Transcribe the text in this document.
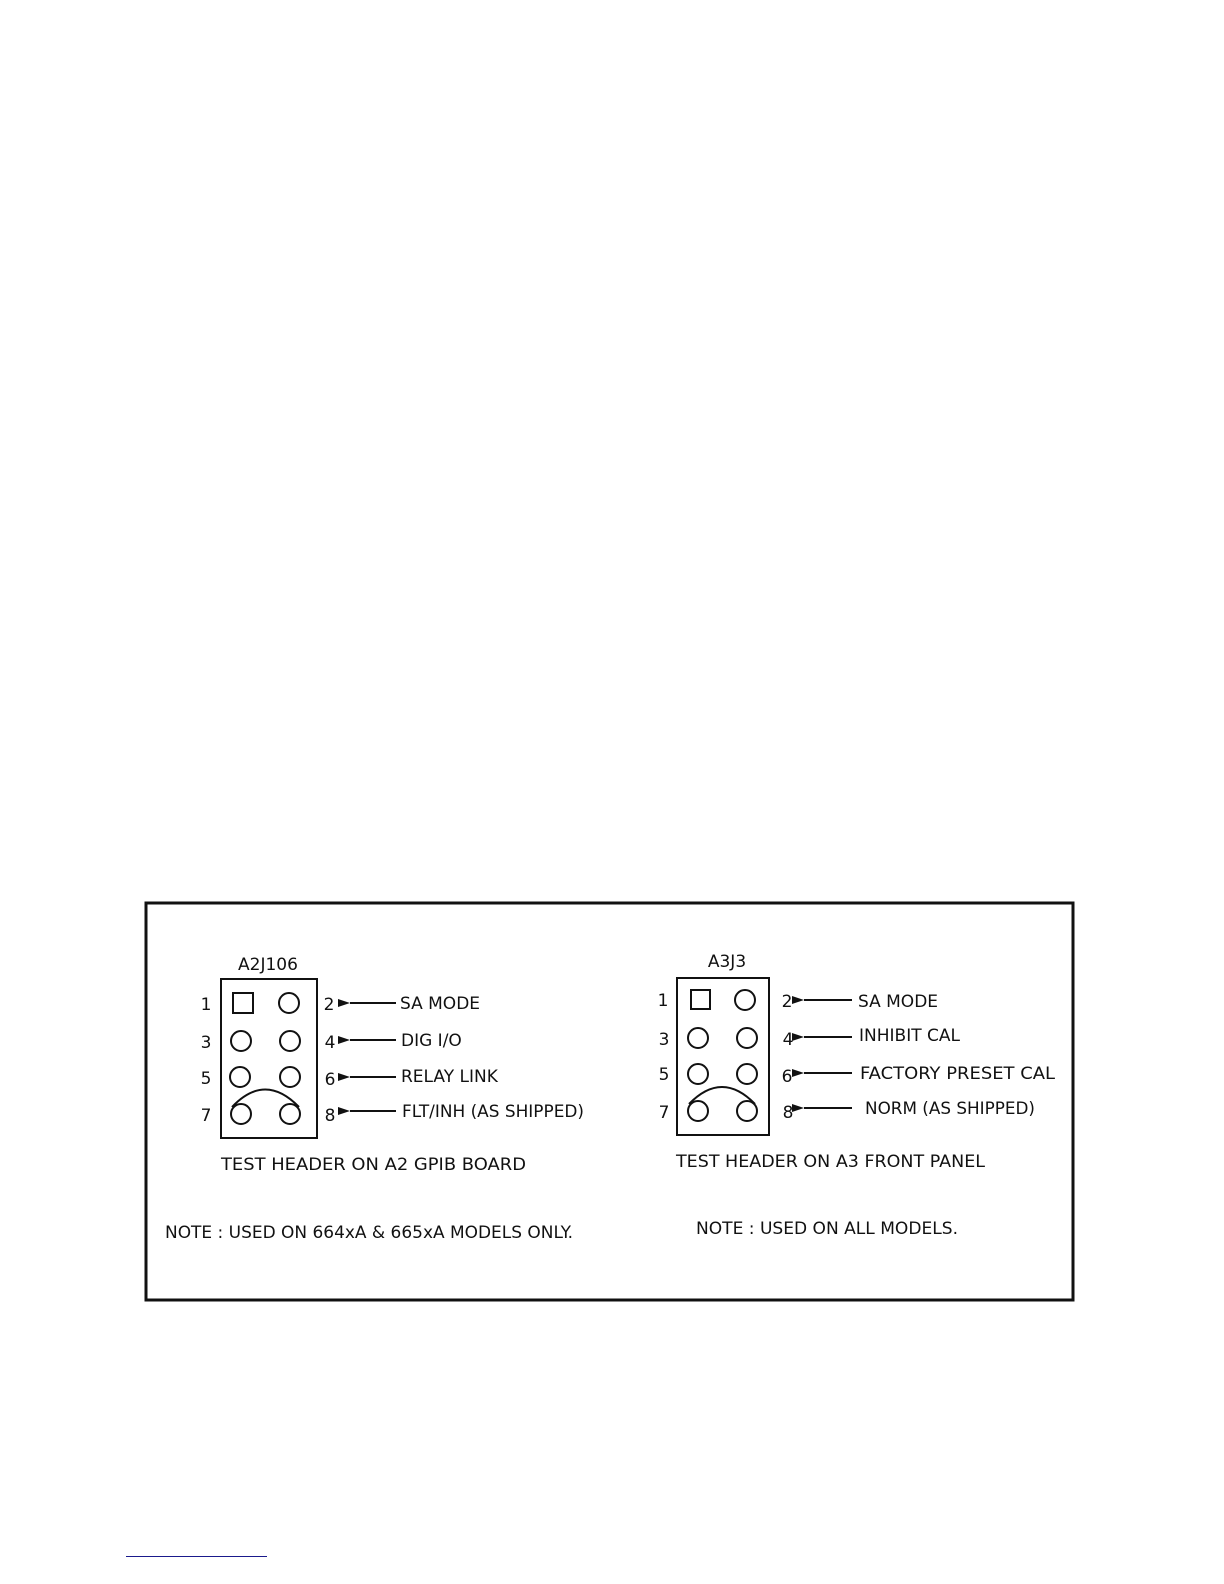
A2J106
1	2
3	4
5	6
7	8
SA MODE
DIG I/O
RELAY LINK
FLT/INH (AS SHIPPED)
TEST HEADER ON A2 GPIB BOARD
NOTE : USED ON 664xA & 665xA MODELS ONLY.
A3J3
1	2
3	4
5	6
7	8
SA MODE
INHIBIT CAL
FACTORY PRESET CAL
NORM (AS SHIPPED)
TEST HEADER ON A3 FRONT PANEL
NOTE : USED ON ALL MODELS.
